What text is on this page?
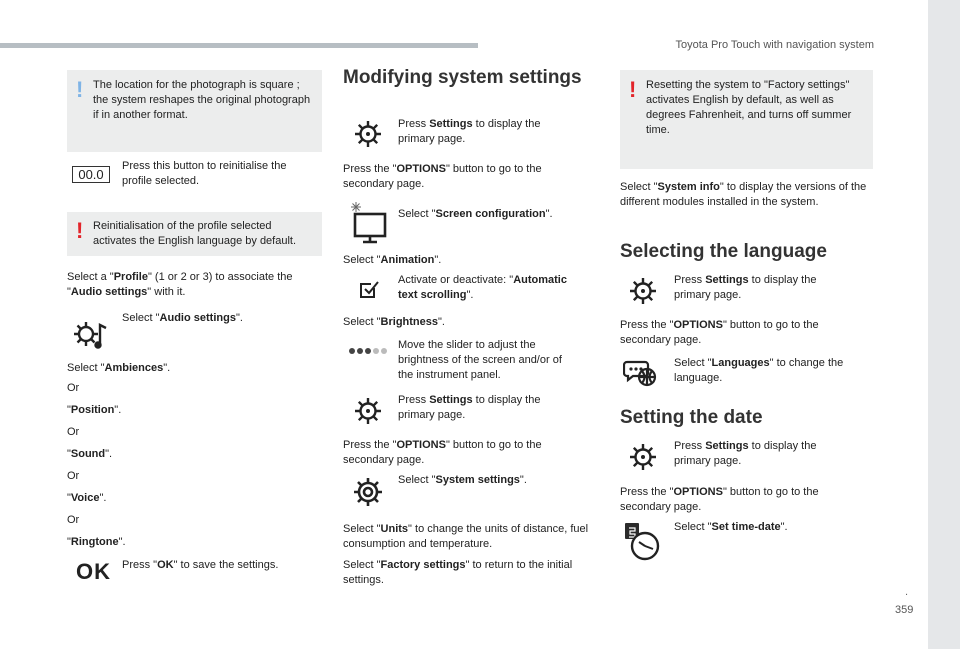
Toyota Pro Touch with navigation system
.
359
! The location for the photograph is square ; the system reshapes the original photograph if in another format.
00.0
Press this button to reinitialise the profile selected.
! Reinitialisation of the profile selected activates the English language by default.
Select a "Profile" (1 or 2 or 3) to associate the "Audio settings" with it.
Select "Audio settings".
Select "Ambiences".
Or
"Position".
Or
"Sound".
Or
"Voice".
Or
"Ringtone".
OK Press "OK" to save the settings.
Modifying system settings
Press Settings to display the primary page.
Press the "OPTIONS" button to go to the secondary page.
Select "Screen configuration".
Select "Animation".
Activate or deactivate: "Automatic text scrolling".
Select "Brightness".
Move the slider to adjust the brightness of the screen and/or of the instrument panel.
Press Settings to display the primary page.
Press the "OPTIONS" button to go to the secondary page.
Select "System settings".
Select "Units" to change the units of distance, fuel consumption and temperature.
Select "Factory settings" to return to the initial settings.
! Resetting the system to "Factory settings" activates English by default, as well as degrees Fahrenheit, and turns off summer time.
Select "System info" to display the versions of the different modules installed in the system.
Selecting the language
Press Settings to display the primary page.
Press the "OPTIONS" button to go to the secondary page.
Select "Languages" to change the language.
Setting the date
Press Settings to display the primary page.
Press the "OPTIONS" button to go to the secondary page.
Select "Set time-date".
